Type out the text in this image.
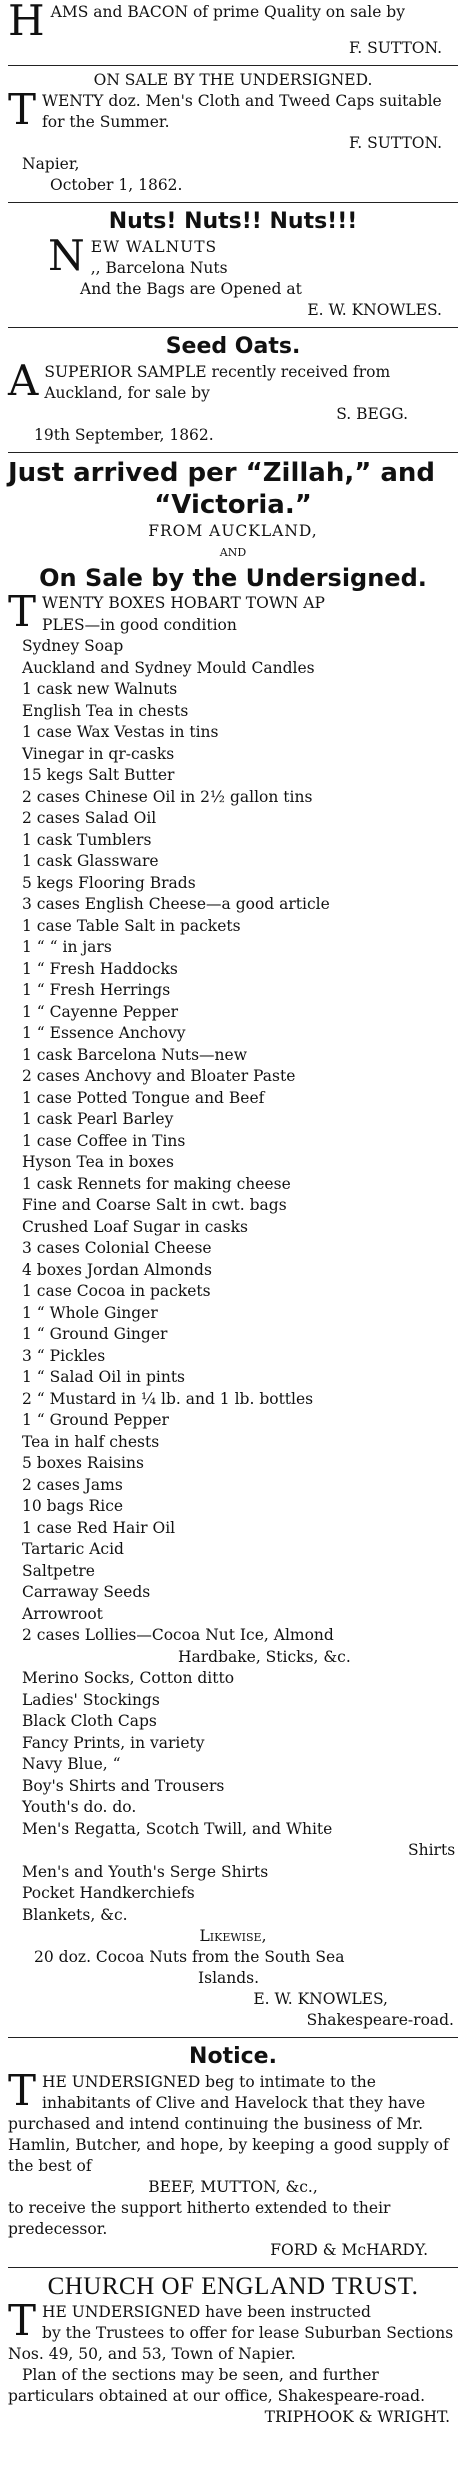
H AMS and BACON of prime Quality on sale by
F. SUTTON.
ON SALE BY THE UNDERSIGNED.
T WENTY doz. Men's Cloth and Tweed Caps suitable for the Summer.
F. SUTTON.
Napier,
October 1, 1862.
Nuts! Nuts!! Nuts!!!
N EW WALNUTS
,, Barcelona Nuts
And the Bags are Opened at
E. W. KNOWLES.
Seed Oats.
A SUPERIOR SAMPLE recently received from Auckland, for sale by
S. BEGG.
19th September, 1862.
Just arrived per “Zillah,” and
“Victoria.”
FROM AUCKLAND,
AND
On Sale by the Undersigned.
T WENTY BOXES HOBART TOWN AP
PLES—in good condition
Sydney Soap
Auckland and Sydney Mould Candles
1 cask new Walnuts
English Tea in chests
1 case Wax Vestas in tins
Vinegar in qr-casks
15 kegs Salt Butter
2 cases Chinese Oil in 2½ gallon tins
2 cases Salad Oil
1 cask Tumblers
1 cask Glassware
5 kegs Flooring Brads
3 cases English Cheese—a good article
1 case Table Salt in packets
1 “ “ in jars
1 “ Fresh Haddocks
1 “ Fresh Herrings
1 “ Cayenne Pepper
1 “ Essence Anchovy
1 cask Barcelona Nuts—new
2 cases Anchovy and Bloater Paste
1 case Potted Tongue and Beef
1 cask Pearl Barley
1 case Coffee in Tins
Hyson Tea in boxes
1 cask Rennets for making cheese
Fine and Coarse Salt in cwt. bags
Crushed Loaf Sugar in casks
3 cases Colonial Cheese
4 boxes Jordan Almonds
1 case Cocoa in packets
1 “ Whole Ginger
1 “ Ground Ginger
3 “ Pickles
1 “ Salad Oil in pints
2 “ Mustard in ¼ lb. and 1 lb. bottles
1 “ Ground Pepper
Tea in half chests
5 boxes Raisins
2 cases Jams
10 bags Rice
1 case Red Hair Oil
Tartaric Acid
Saltpetre
Carraway Seeds
Arrowroot
2 cases Lollies—Cocoa Nut Ice, Almond
Hardbake, Sticks, &c.
Merino Socks, Cotton ditto
Ladies' Stockings
Black Cloth Caps
Fancy Prints, in variety
Navy Blue, “
Boy's Shirts and Trousers
Youth's do. do.
Men's Regatta, Scotch Twill, and White
Shirts
Men's and Youth's Serge Shirts
Pocket Handkerchiefs
Blankets, &c.
Likewise,
20 doz. Cocoa Nuts from the South Sea
Islands.
E. W. KNOWLES,
Shakespeare-road.
Notice.
T HE UNDERSIGNED beg to intimate to the
inhabitants of Clive and Havelock that they have purchased and intend continuing the business of Mr. Hamlin, Butcher, and hope, by keeping a good supply of the best of
BEEF, MUTTON, &c.,
to receive the support hitherto extended to their predecessor.
FORD & McHARDY.
CHURCH OF ENGLAND TRUST.
T HE UNDERSIGNED have been instructed
by the Trustees to offer for lease Suburban Sections Nos. 49, 50, and 53, Town of Napier.
Plan of the sections may be seen, and further particulars obtained at our office, Shakespeare-road.
TRIPHOOK & WRIGHT.
